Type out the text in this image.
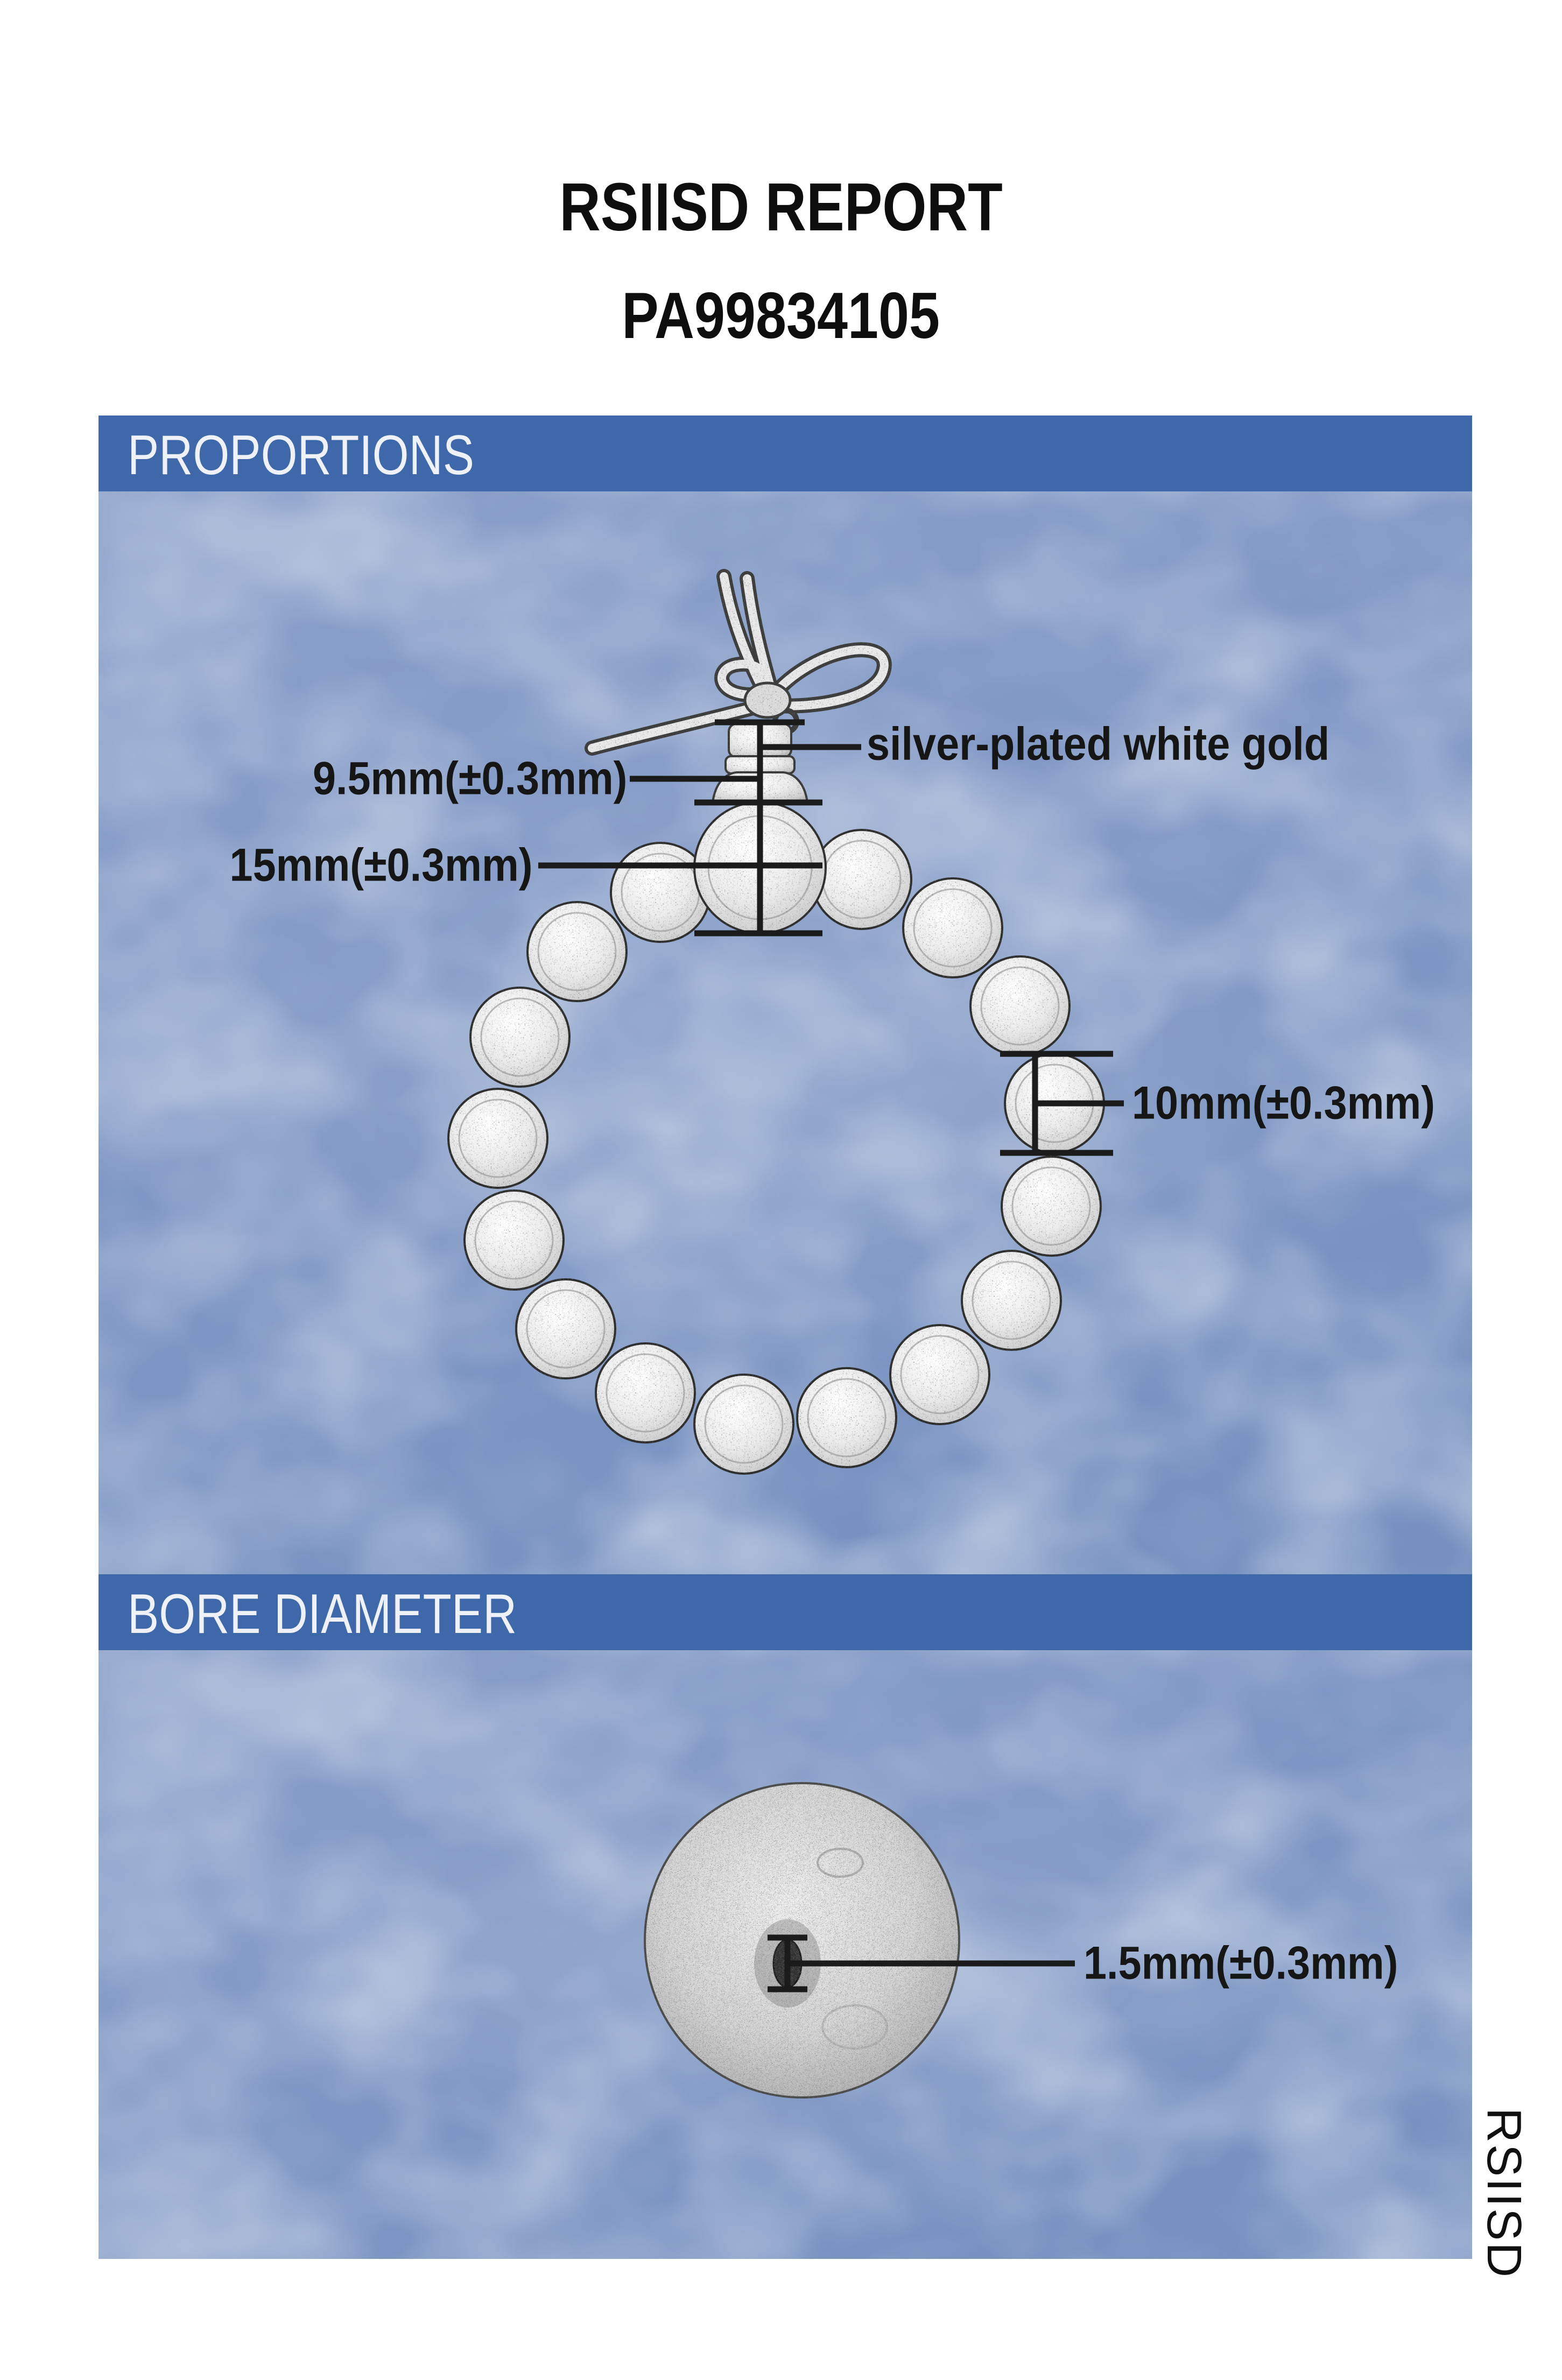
RSIISD REPORT
PA99834105
PROPORTIONS
9.5mm(±0.3mm)
15mm(±0.3mm)
silver-plated white gold
10mm(±0.3mm)
BORE DIAMETER
1.5mm(±0.3mm)
RSIISD
